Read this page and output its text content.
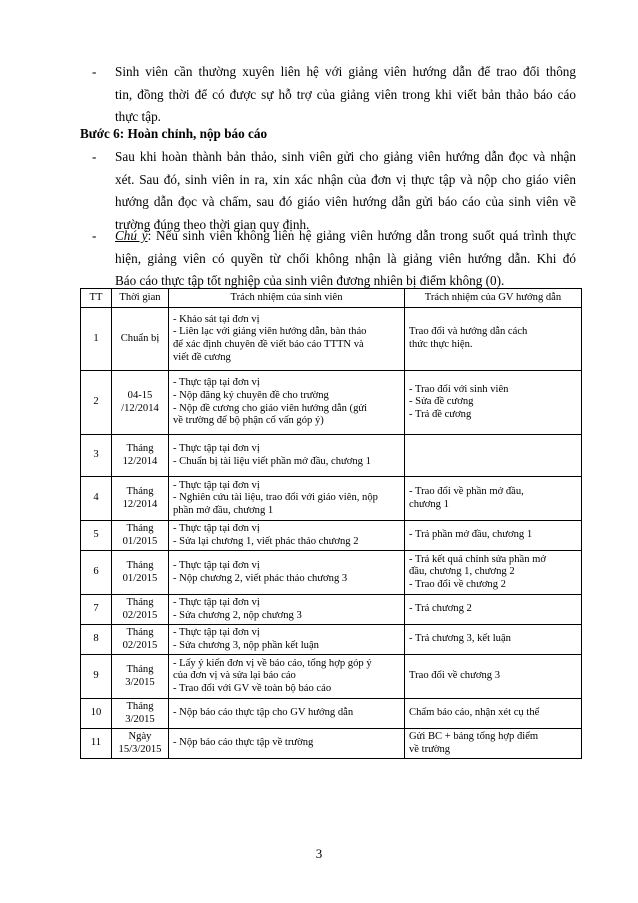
- Sinh viên cần thường xuyên liên hệ với giảng viên hướng dẫn để trao đổi thông
tin, đồng thời để có được sự hỗ trợ của giảng viên trong khi viết bản thảo báo cáo
thực tập.
Bước 6: Hoàn chỉnh, nộp báo cáo
- Sau khi hoàn thành bản thảo, sinh viên gửi cho giảng viên hướng dẫn đọc và nhận
xét. Sau đó, sinh viên in ra, xin xác nhận của đơn vị thực tập và nộp cho giáo viên
hướng dẫn đọc và chấm, sau đó giáo viên hướng dẫn gửi báo cáo của sinh viên về
trường đúng theo thời gian quy định.
- Chú ý: Nếu sinh viên không liên hệ giảng viên hướng dẫn trong suốt quá trình thực
hiện, giảng viên có quyền từ chối không nhận là giảng viên hướng dẫn. Khi đó
Báo cáo thực tập tốt nghiệp của sinh viên đương nhiên bị điểm không (0).
TT	Thời gian	Trách nhiệm của sinh viên	Trách nhiệm của GV hướng dẫn
1	Chuẩn bị	- Khảo sát tại đơn vị
- Liên lạc với giảng viên hướng dẫn, bàn thảo
để xác định chuyên đề viết báo cáo TTTN và
viết đề cương	Trao đổi và hướng dẫn cách
thức thực hiện.

2	04-15
/12/2014	- Thực tập tại đơn vị
- Nộp đăng ký chuyên đề cho trường
- Nộp đề cương cho giáo viên hướng dẫn (gửi
về trường để bộ phận cố vấn góp ý)	- Trao đổi với sinh viên
- Sửa đề cương
- Trả đề cương

3	Tháng
12/2014	- Thực tập tại đơn vị
- Chuẩn bị tài liệu viết phần mở đầu, chương 1	

4	Tháng
12/2014	- Thực tập tại đơn vị
- Nghiên cứu tài liệu, trao đổi với giáo viên, nộp
phần mở đầu, chương 1	- Trao đổi về phần mở đầu,
chương 1

5	Tháng
01/2015	- Thực tập tại đơn vị
- Sửa lại chương 1, viết phác thảo chương 2	- Trả phần mở đầu, chương 1

6	Tháng
01/2015	- Thực tập tại đơn vị
- Nộp chương 2, viết phác thảo chương 3	- Trả kết quả chỉnh sửa phần mở
đầu, chương 1, chương 2
- Trao đổi về chương 2

7	Tháng
02/2015	- Thực tập tại đơn vị
- Sửa chương 2, nộp chương 3	- Trả chương 2

8	Tháng
02/2015	- Thực tập tại đơn vị
- Sửa chương 3, nộp phần kết luận	- Trả chương 3, kết luận

9	Tháng
3/2015	- Lấy ý kiến đơn vị về báo cáo, tổng hợp góp ý
của đơn vị và sửa lại báo cáo
- Trao đổi với GV về toàn bộ báo cáo	Trao đổi về chương 3

10	Tháng
3/2015	- Nộp báo cáo thực tập cho GV hướng dẫn	Chấm báo cáo, nhận xét cụ thể

11	Ngày
15/3/2015	- Nộp báo cáo thực tập về trường	Gửi BC + bảng tổng hợp điểm
về trường
3
